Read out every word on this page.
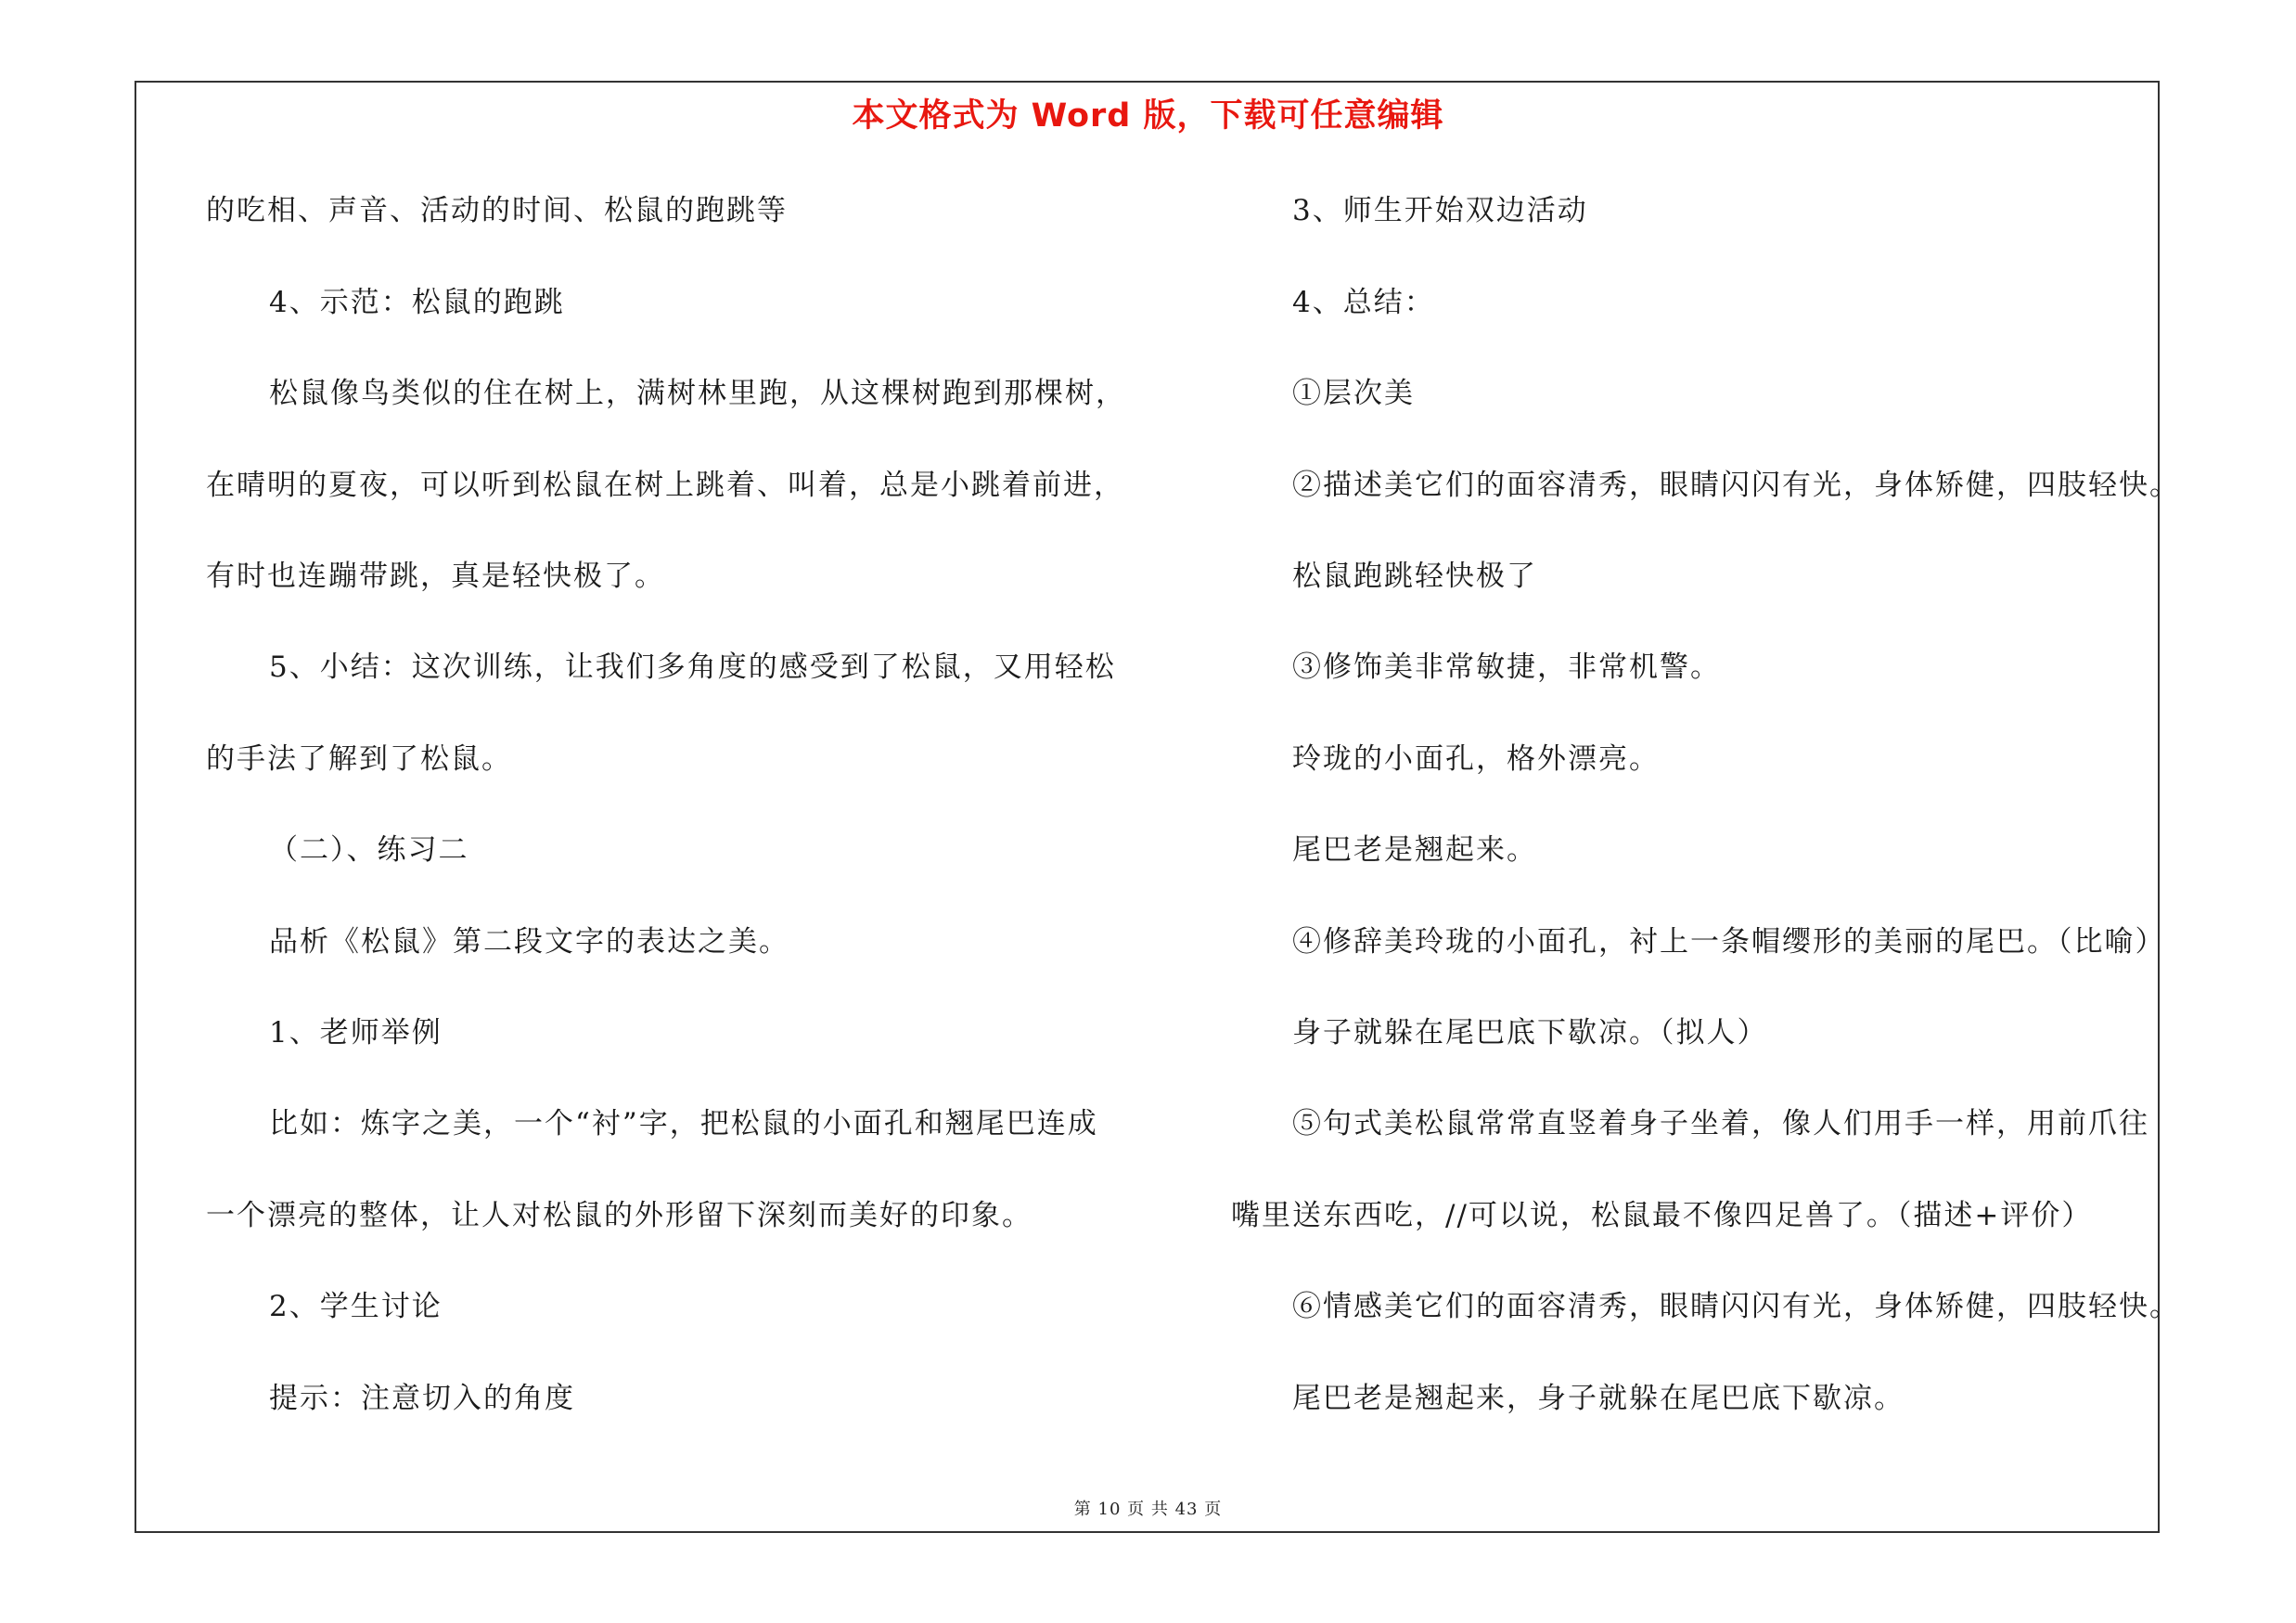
本文格式为 Word 版，下载可任意编辑
的吃相、声音、活动的时间、松鼠的跑跳等
4、示范：松鼠的跑跳
松鼠像鸟类似的住在树上，满树林里跑，从这棵树跑到那棵树，
在晴明的夏夜，可以听到松鼠在树上跳着、叫着，总是小跳着前进，
有时也连蹦带跳，真是轻快极了。
5、小结：这次训练，让我们多角度的感受到了松鼠，又用轻松
的手法了解到了松鼠。
（二）、练习二
品析《松鼠》第二段文字的表达之美。
1、老师举例
比如：炼字之美，一个“衬”字，把松鼠的小面孔和翘尾巴连成
一个漂亮的整体，让人对松鼠的外形留下深刻而美好的印象。
2、学生讨论
提示：注意切入的角度
3、师生开始双边活动
4、总结：
①层次美
②描述美它们的面容清秀，眼睛闪闪有光，身体矫健，四肢轻快。
松鼠跑跳轻快极了
③修饰美非常敏捷，非常机警。
玲珑的小面孔，格外漂亮。
尾巴老是翘起来。
④修辞美玲珑的小面孔，衬上一条帽缨形的美丽的尾巴。（比喻）
身子就躲在尾巴底下歇凉。（拟人）
⑤句式美松鼠常常直竖着身子坐着，像人们用手一样，用前爪往
嘴里送东西吃，//可以说，松鼠最不像四足兽了。（描述+评价）
⑥情感美它们的面容清秀，眼睛闪闪有光，身体矫健，四肢轻快。
尾巴老是翘起来，身子就躲在尾巴底下歇凉。
第 10 页 共 43 页
